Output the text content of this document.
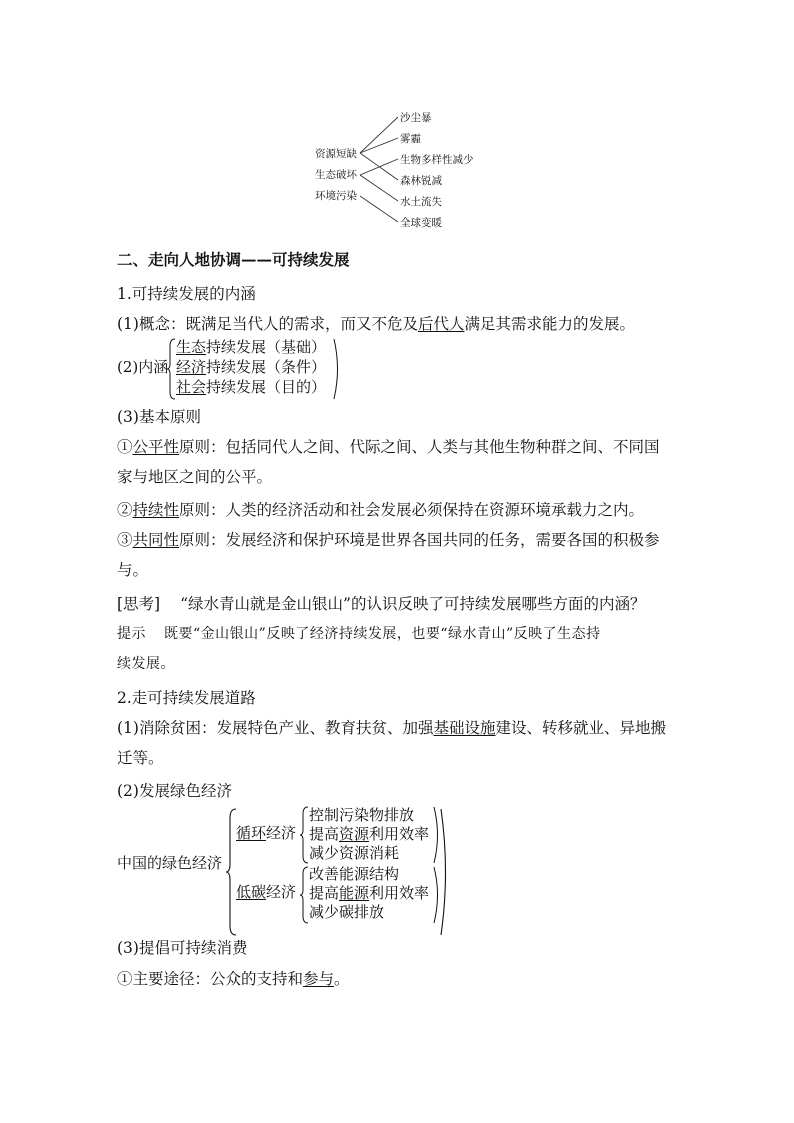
资源短缺
生态破坏
环境污染
沙尘暴
雾霾
生物多样性减少
森林锐减
水土流失
全球变暖
二、走向人地协调——可持续发展
1.可持续发展的内涵
(1)概念：既满足当代人的需求，而又不危及后代人满足其需求能力的发展。
(2)内涵
生态持续发展（基础）
经济持续发展（条件）
社会持续发展（目的）
(3)基本原则
①公平性原则：包括同代人之间、代际之间、人类与其他生物种群之间、不同国
家与地区之间的公平。
②持续性原则：人类的经济活动和社会发展必须保持在资源环境承载力之内。
③共同性原则：发展经济和保护环境是世界各国共同的任务，需要各国的积极参
与。
[思考] “绿水青山就是金山银山”的认识反映了可持续发展哪些方面的内涵？
提示 既要“金山银山”反映了经济持续发展，也要“绿水青山”反映了生态持
续发展。
2.走可持续发展道路
(1)消除贫困：发展特色产业、教育扶贫、加强基础设施建设、转移就业、异地搬
迁等。
(2)发展绿色经济
中国的绿色经济
循环经济
控制污染物排放
提高资源利用效率
减少资源消耗
低碳经济
改善能源结构
提高能源利用效率
减少碳排放
(3)提倡可持续消费
①主要途径：公众的支持和参与。
